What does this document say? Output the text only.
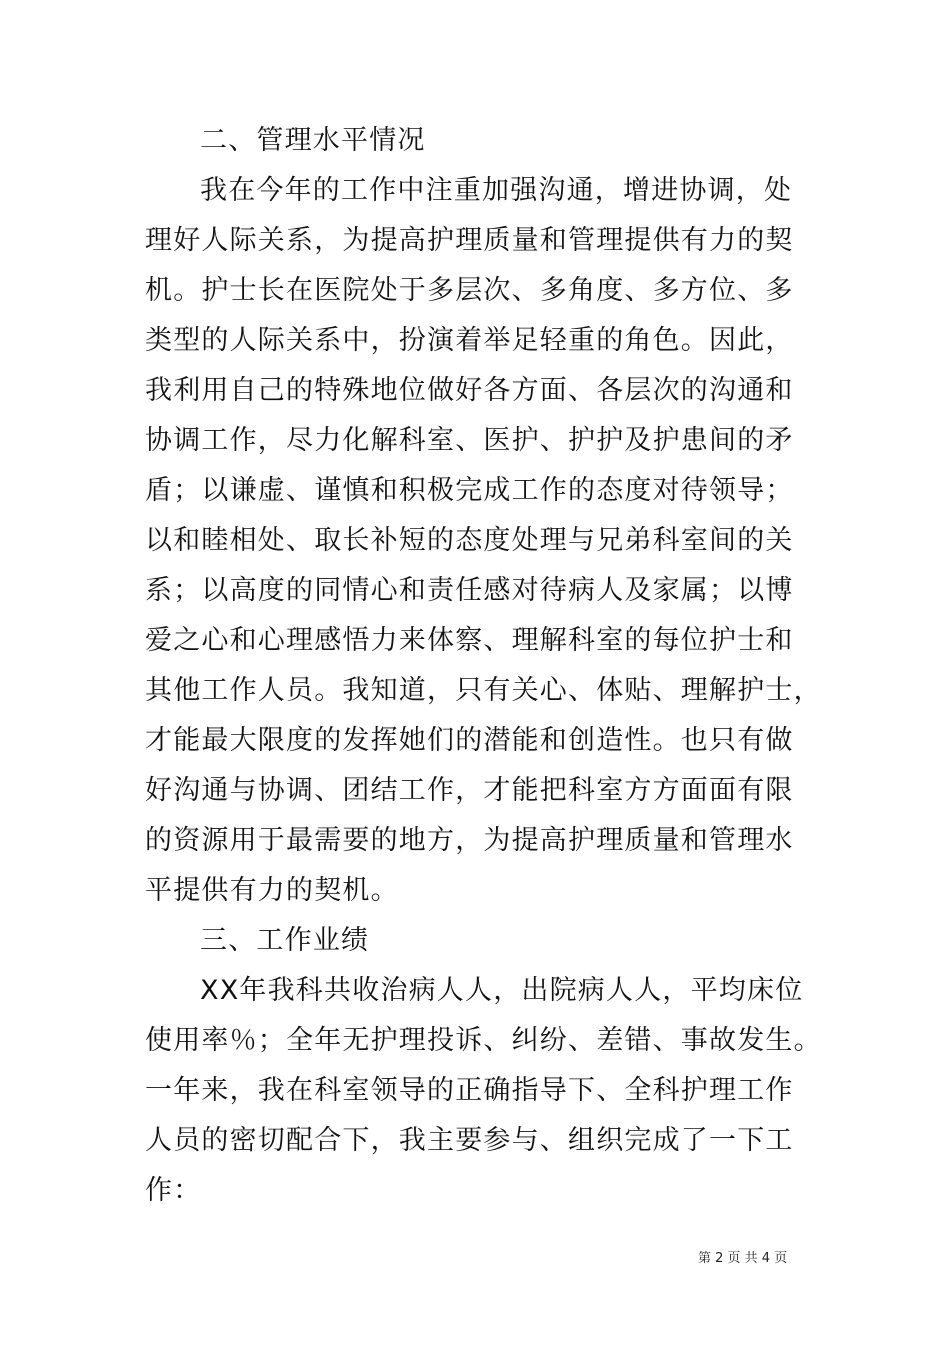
二、管理水平情况
我在今年的工作中注重加强沟通，增进协调，处
理好人际关系，为提高护理质量和管理提供有力的契
机。护士长在医院处于多层次、多角度、多方位、多
类型的人际关系中，扮演着举足轻重的角色。因此，
我利用自己的特殊地位做好各方面、各层次的沟通和
协调工作，尽力化解科室、医护、护护及护患间的矛
盾；以谦虚、谨慎和积极完成工作的态度对待领导；
以和睦相处、取长补短的态度处理与兄弟科室间的关
系；以高度的同情心和责任感对待病人及家属；以博
爱之心和心理感悟力来体察、理解科室的每位护士和
其他工作人员。我知道，只有关心、体贴、理解护士，
才能最大限度的发挥她们的潜能和创造性。也只有做
好沟通与协调、团结工作，才能把科室方方面面有限
的资源用于最需要的地方，为提高护理质量和管理水
平提供有力的契机。
三、工作业绩
XX年我科共收治病人人，出院病人人，平均床位
使用率％；全年无护理投诉、纠纷、差错、事故发生。
一年来，我在科室领导的正确指导下、全科护理工作
人员的密切配合下，我主要参与、组织完成了一下工
作：
第 2 页 共 4 页
